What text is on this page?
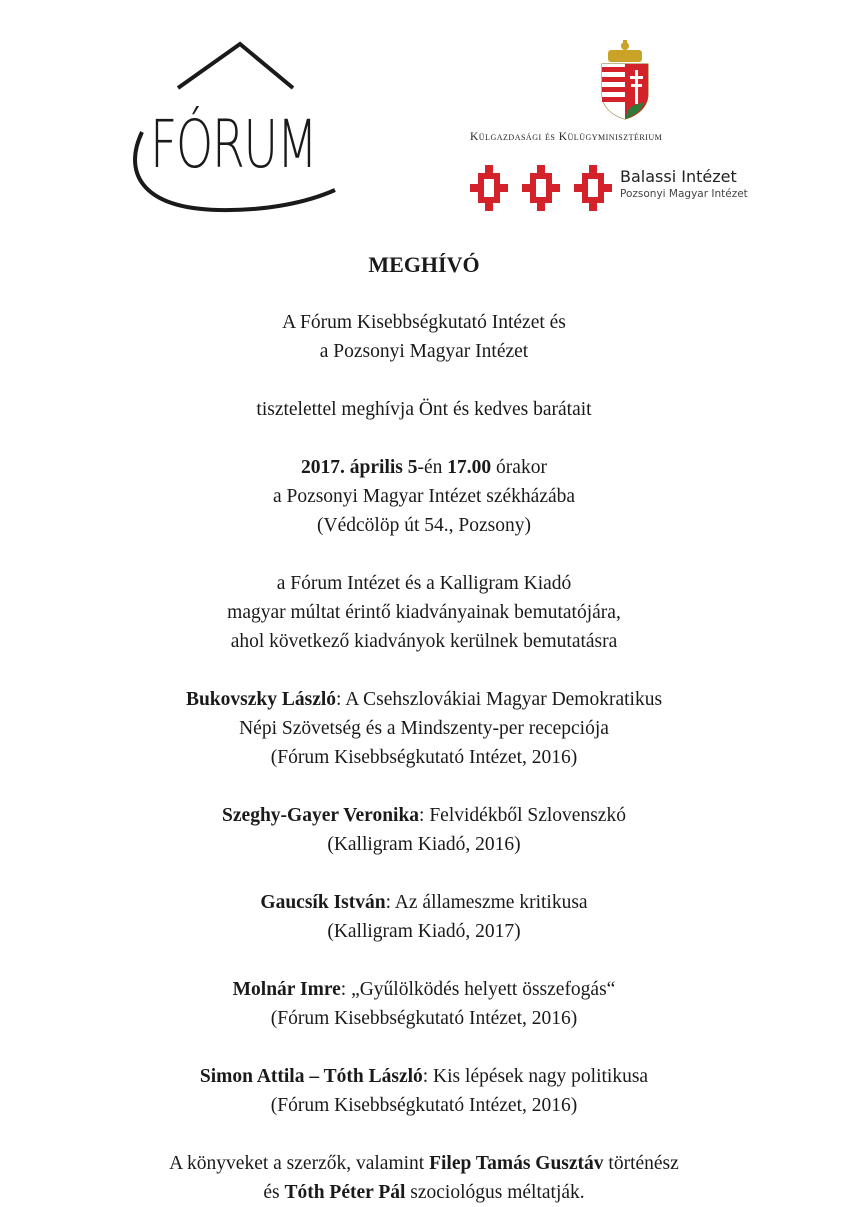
FÓRUM	Külgazdasági és Külügyminisztérium
Balassi Intézet
Pozsonyi Magyar Intézet

MEGHÍVÓ

A Fórum Kisebbségkutató Intézet és

a Pozsonyi Magyar Intézet

tisztelettel meghívja Önt és kedves barátait

2017. április 5-én 17.00 órakor

a Pozsonyi Magyar Intézet székházába

(Védcölöp út 54., Pozsony)

a Fórum Intézet és a Kalligram Kiadó

magyar múltat érintő kiadványainak bemutatójára,

ahol következő kiadványok kerülnek bemutatásra

Bukovszky László: A Csehszlovákiai Magyar Demokratikus

Népi Szövetség és a Mindszenty-per recepciója

(Fórum Kisebbségkutató Intézet, 2016)

Szeghy-Gayer Veronika: Felvidékből Szlovenszkó

(Kalligram Kiadó, 2016)

Gaucsík István: Az állameszme kritikusa

(Kalligram Kiadó, 2017)

Molnár Imre: „Gyűlölködés helyett összefogás“

(Fórum Kisebbségkutató Intézet, 2016)

Simon Attila – Tóth László: Kis lépések nagy politikusa

(Fórum Kisebbségkutató Intézet, 2016)

A könyveket a szerzők, valamint Filep Tamás Gusztáv történész

és Tóth Péter Pál szociológus méltatják.
